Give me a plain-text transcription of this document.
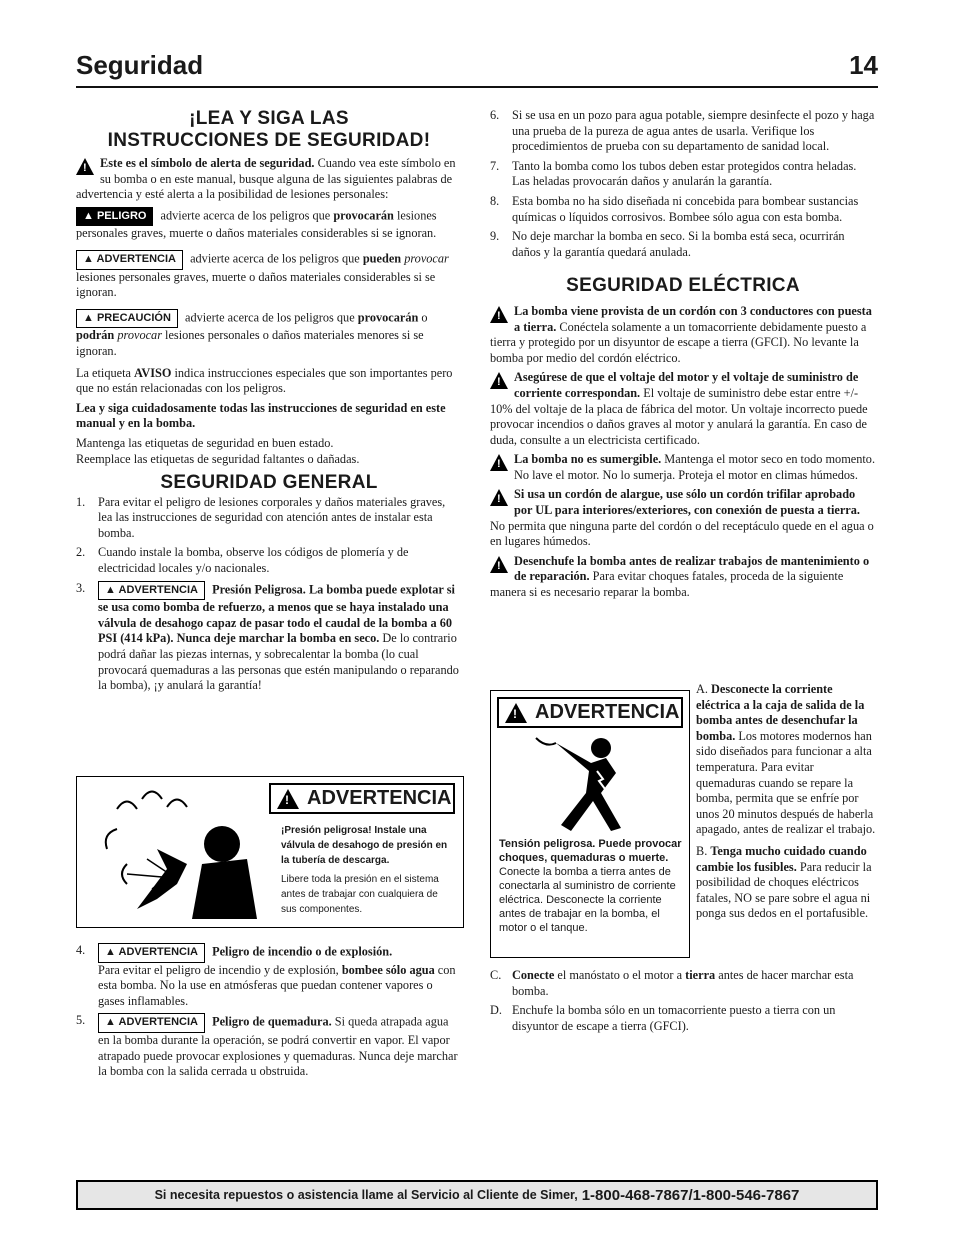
Seguridad	14
¡LEA Y SIGA LAS
INSTRUCCIONES DE SEGURIDAD!

!
Este es el símbolo de alerta de seguridad. Cuando vea este símbolo en su bomba o en este manual, busque alguna de las siguientes palabras de advertencia y esté alerta a la posibilidad de lesiones personales:

▲ PELIGRO advierte acerca de los peligros que provocarán lesiones personales graves, muerte o daños materiales considerables si se ignoran.

▲ ADVERTENCIA advierte acerca de los peligros que pueden provocar lesiones personales graves, muerte o daños materiales considerables si se ignoran.

▲ PRECAUCIÓN advierte acerca de los peligros que provocarán o podrán provocar lesiones personales o daños materiales menores si se ignoran.

La etiqueta AVISO indica instrucciones especiales que son importantes pero que no están relacionadas con los peligros.

Lea y siga cuidadosamente todas las instrucciones de seguridad en este manual y en la bomba.

Mantenga las etiquetas de seguridad en buen estado.

Reemplace las etiquetas de seguridad faltantes o dañadas.

SEGURIDAD GENERAL
1. Para evitar el peligro de lesiones corporales y daños materiales graves, lea las instrucciones de seguridad con atención antes de instalar esta bomba.
2. Cuando instale la bomba, observe los códigos de plomería y de electricidad locales y/o nacionales.
3. ▲ ADVERTENCIA Presión Peligrosa. La bomba puede explotar si se usa como bomba de refuerzo, a menos que se haya instalado una válvula de desahogo capaz de pasar todo el caudal de la bomba a 60 PSI (414 kPa). Nunca deje marchar la bomba en seco. De lo contrario podrá dañar las piezas internas, y sobrecalentar la bomba (lo cual provocará quemaduras a las personas que estén manipulando o reparando la bomba), ¡y anulará la garantía!
!
ADVERTENCIA
¡Presión peligrosa! Instale una válvula de desahogo de presión en la tubería de descarga.
Libere toda la presión en el sistema antes de trabajar con cualquiera de sus componentes.
4. ▲ ADVERTENCIA Peligro de incendio o de explosión.
Para evitar el peligro de incendio y de explosión, bombee sólo agua con esta bomba. No la use en atmósferas que puedan contener vapores o gases inflamables.
5. ▲ ADVERTENCIA Peligro de quemadura. Si queda atrapada agua en la bomba durante la operación, se podrá convertir en vapor. El vapor atrapado puede provocar explosiones y quemaduras. Nunca deje marchar la bomba con la salida cerrada u obstruida.
6. Si se usa en un pozo para agua potable, siempre desinfecte el pozo y haga una prueba de la pureza de agua antes de usarla. Verifique los procedimientos de prueba con su departamento de sanidad local.
7. Tanto la bomba como los tubos deben estar protegidos contra heladas. Las heladas provocarán daños y anularán la garantía.
8. Esta bomba no ha sido diseñada ni concebida para bombear sustancias químicas o líquidos corrosivos. Bombee sólo agua con esta bomba.
9. No deje marchar la bomba en seco. Si la bomba está seca, ocurrirán daños y la garantía quedará anulada.
SEGURIDAD ELÉCTRICA

!
La bomba viene provista de un cordón con 3 conductores con puesta a tierra. Conéctela solamente a un tomacorriente debidamente puesto a tierra y protegido por un disyuntor de escape a tierra (GFCI). No levante la bomba por medio del cordón eléctrico.

!
Asegúrese de que el voltaje del motor y el voltaje de suministro de corriente correspondan. El voltaje de suministro debe estar entre +/- 10% del voltaje de la placa de fábrica del motor. Un voltaje incorrecto puede provocar incendios o daños graves al motor y anulará la garantía. En caso de duda, consulte a un electricista certificado.

!
La bomba no es sumergible. Mantenga el motor seco en todo momento. No lave el motor. No lo sumerja. Proteja el motor en climas húmedos.

!
Si usa un cordón de alargue, use sólo un cordón trifilar aprobado por UL para interiores/exteriores, con conexión de puesta a tierra. No permita que ninguna parte del cordón o del receptáculo quede en el agua o en lugares húmedos.

!
Desenchufe la bomba antes de realizar trabajos de mantenimiento o de reparación. Para evitar choques fatales, proceda de la siguiente manera si es necesario reparar la bomba.

!
ADVERTENCIA
Tensión peligrosa. Puede provocar choques, quemaduras o muerte.
Conecte la bomba a tierra antes de conectarla al suministro de corriente eléctrica. Desconecte la corriente antes de trabajar en la bomba, el motor o el tanque.

A. Desconecte la corriente eléctrica a la caja de salida de la bomba antes de desenchufar la bomba. Los motores modernos han sido diseñados para funcionar a alta temperatura. Para evitar quemaduras cuando se repare la bomba, permita que se enfríe por unos 20 minutos después de haberla apagado, antes de realizar el trabajo.

B. Tenga mucho cuidado cuando cambie los fusibles. Para reducir la posibilidad de choques eléctricos fatales, NO se pare sobre el agua ni ponga sus dedos en el portafusible.

C. Conecte el manóstato o el motor a tierra antes de hacer marchar esta bomba.
D. Enchufe la bomba sólo en un tomacorriente puesto a tierra con un disyuntor de escape a tierra (GFCI).
Si necesita repuestos o asistencia llame al Servicio al Cliente de Simer, 1-800-468-7867/1-800-546-7867
